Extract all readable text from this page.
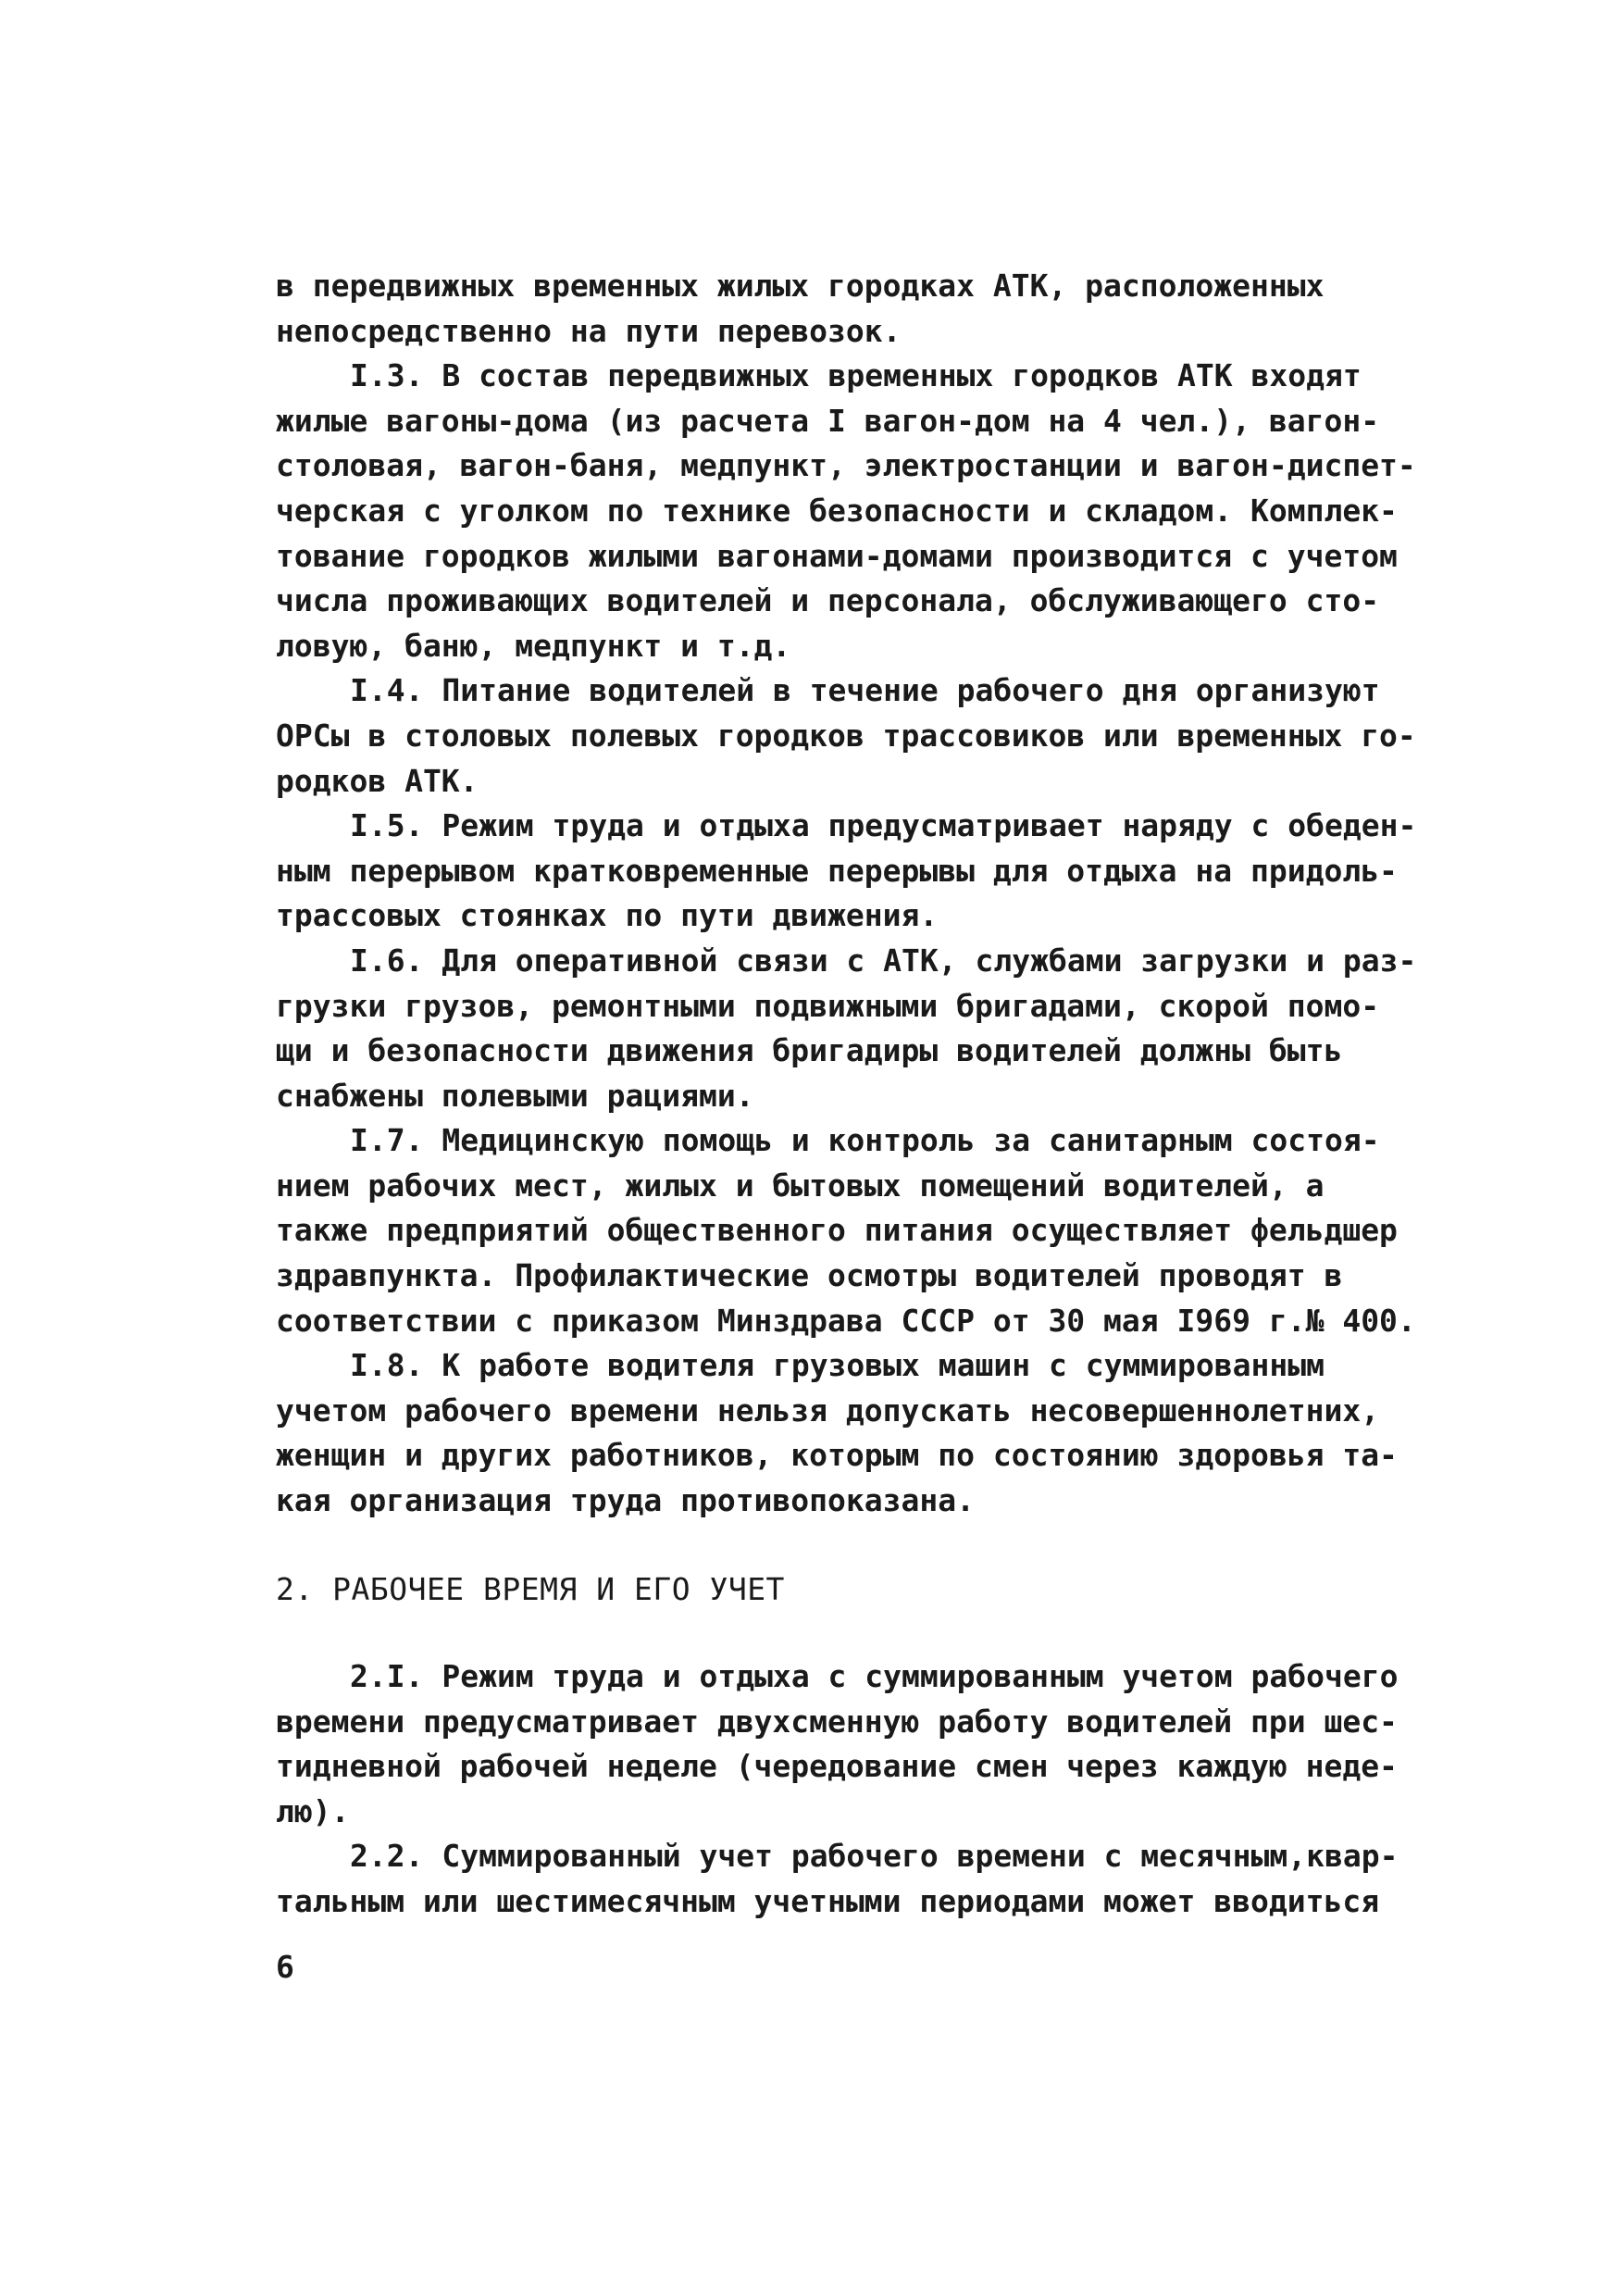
в передвижных временных жилых городках АТК, расположенных
непосредственно на пути перевозок.
I.3. В состав передвижных временных городков АТК входят
жилые вагоны-дома (из расчета I вагон-дом на 4 чел.), вагон-
столовая, вагон-баня, медпункт, электростанции и вагон-диспет-
черская с уголком по технике безопасности и складом. Комплек-
тование городков жилыми вагонами-домами производится с учетом
числа проживающих водителей и персонала, обслуживающего сто-
ловую, баню, медпункт и т.д.
I.4. Питание водителей в течение рабочего дня организуют
ОРСы в столовых полевых городков трассовиков или временных го-
родков АТК.
I.5. Режим труда и отдыха предусматривает наряду с обеден-
ным перерывом кратковременные перерывы для отдыха на придоль-
трассовых стоянках по пути движения.
I.6. Для оперативной связи с АТК, службами загрузки и раз-
грузки грузов, ремонтными подвижными бригадами, скорой помо-
щи и безопасности движения бригадиры водителей должны быть
снабжены полевыми рациями.
I.7. Медицинскую помощь и контроль за санитарным состоя-
нием рабочих мест, жилых и бытовых помещений водителей, а
также предприятий общественного питания осуществляет фельдшер
здравпункта. Профилактические осмотры водителей проводят в
соответствии с приказом Минздрава СССР от 30 мая I969 г.№ 400.
I.8. К работе водителя грузовых машин с суммированным
учетом рабочего времени нельзя допускать несовершеннолетних,
женщин и других работников, которым по состоянию здоровья та-
кая организация труда противопоказана.
2. РАБОЧЕЕ ВРЕМЯ И ЕГО УЧЕТ
2.I. Режим труда и отдыха с суммированным учетом рабочего
времени предусматривает двухсменную работу водителей при шес-
тидневной рабочей неделе (чередование смен через каждую неде-
лю).
2.2. Суммированный учет рабочего времени с месячным,квар-
тальным или шестимесячным учетными периодами может вводиться
6
